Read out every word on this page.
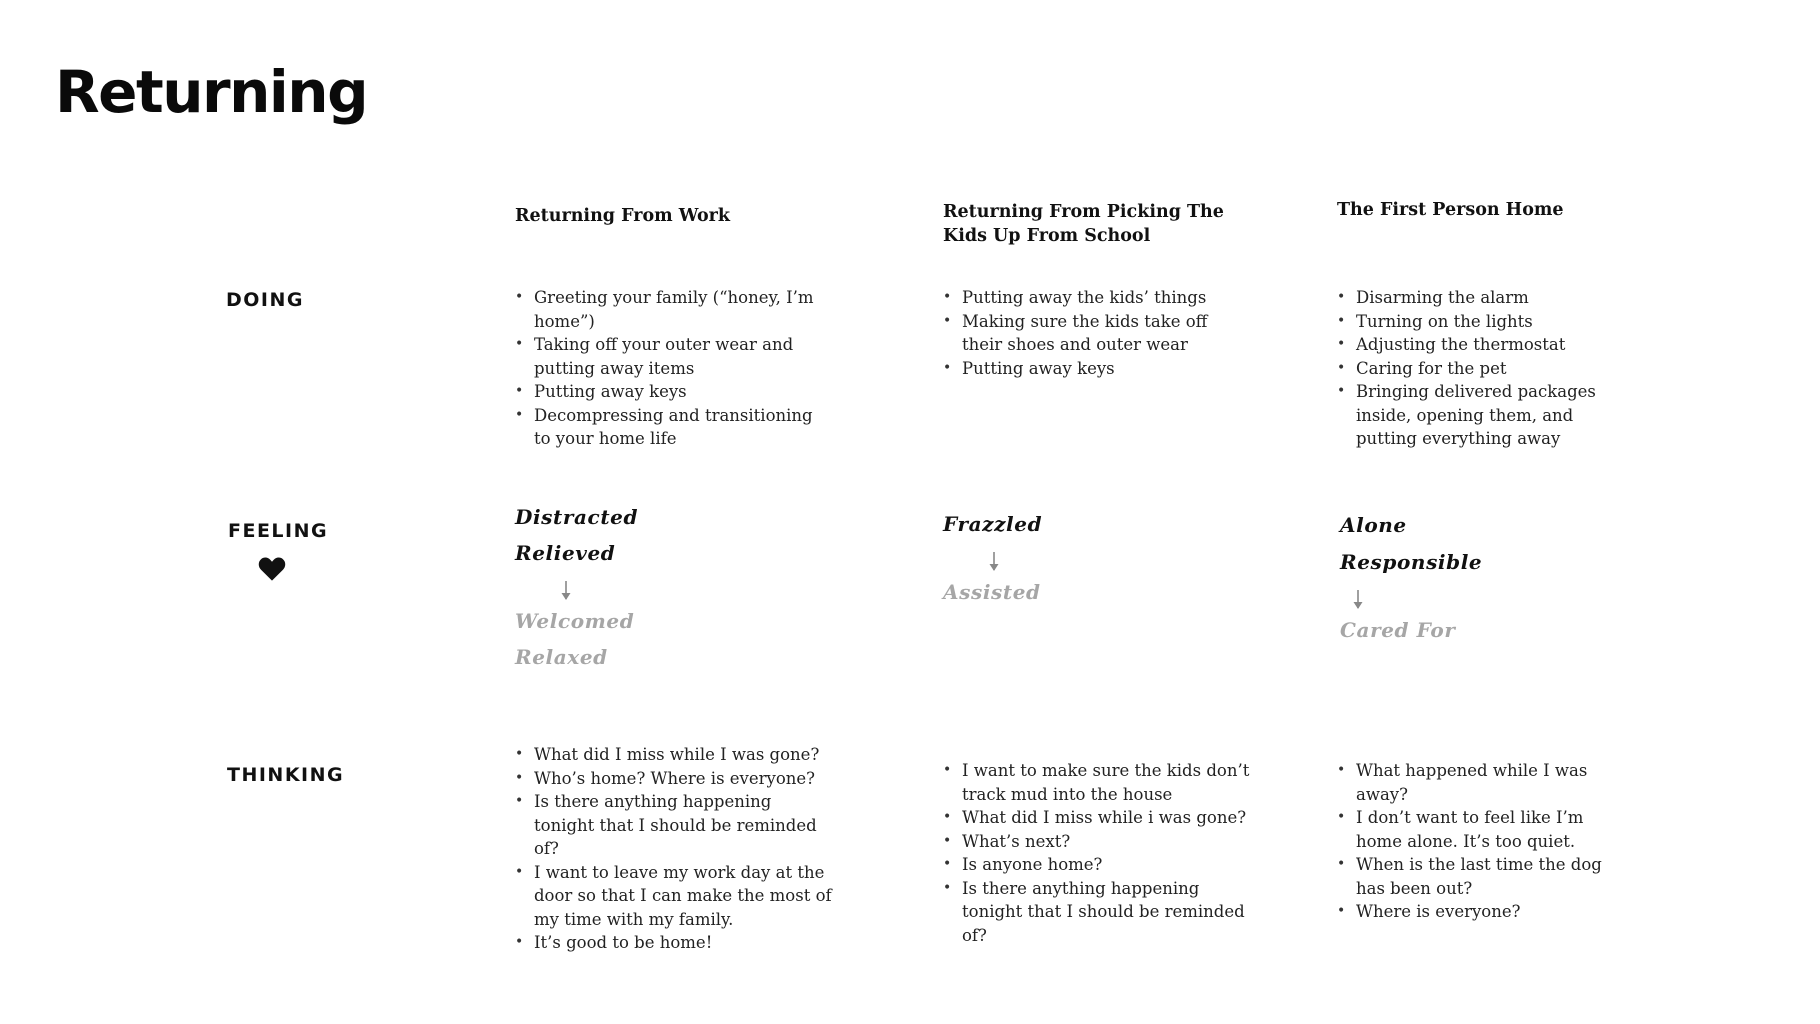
Returning
DOING
FEELING
THINKING
Returning From Work
• Greeting your family (“honey, I’m home”)
• Taking off your outer wear and putting away items
• Putting away keys
• Decompressing and transitioning to your home life
Distracted
Relieved
Welcomed
Relaxed
• What did I miss while I was gone?
• Who’s home? Where is everyone?
• Is there anything happening tonight that I should be reminded of?
• I want to leave my work day at the door so that I can make the most of my time with my family.
• It’s good to be home!
Returning From Picking The Kids Up From School
• Putting away the kids’ things
• Making sure the kids take off their shoes and outer wear
• Putting away keys
Frazzled
Assisted
• I want to make sure the kids don’t track mud into the house
• What did I miss while i was gone?
• What’s next?
• Is anyone home?
• Is there anything happening tonight that I should be reminded of?
The First Person Home
• Disarming the alarm
• Turning on the lights
• Adjusting the thermostat
• Caring for the pet
• Bringing delivered packages inside, opening them, and putting everything away
Alone
Responsible
Cared For
• What happened while I was away?
• I don’t want to feel like I’m home alone. It’s too quiet.
• When is the last time the dog has been out?
• Where is everyone?
